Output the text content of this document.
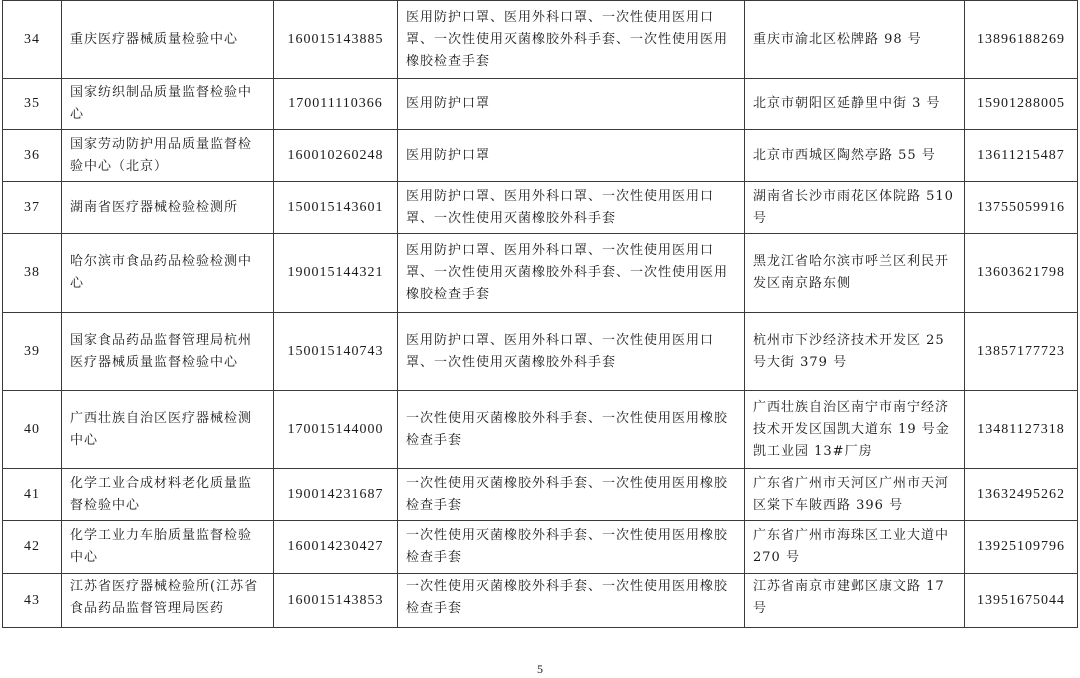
34	重庆医疗器械质量检验中心	160015143885	医用防护口罩、医用外科口罩、一次性使用医用口罩、一次性使用灭菌橡胶外科手套、一次性使用医用橡胶检查手套	重庆市渝北区松牌路 98 号	13896188269
35	国家纺织制品质量监督检验中心	170011110366	医用防护口罩	北京市朝阳区延静里中街 3 号	15901288005
36	国家劳动防护用品质量监督检验中心（北京）	160010260248	医用防护口罩	北京市西城区陶然亭路 55 号	13611215487
37	湖南省医疗器械检验检测所	150015143601	医用防护口罩、医用外科口罩、一次性使用医用口罩、一次性使用灭菌橡胶外科手套	湖南省长沙市雨花区体院路 510 号	13755059916
38	哈尔滨市食品药品检验检测中心	190015144321	医用防护口罩、医用外科口罩、一次性使用医用口罩、一次性使用灭菌橡胶外科手套、一次性使用医用橡胶检查手套	黑龙江省哈尔滨市呼兰区利民开发区南京路东侧	13603621798
39	国家食品药品监督管理局杭州医疗器械质量监督检验中心	150015140743	医用防护口罩、医用外科口罩、一次性使用医用口罩、一次性使用灭菌橡胶外科手套	杭州市下沙经济技术开发区 25 号大街 379 号	13857177723
40	广西壮族自治区医疗器械检测中心	170015144000	一次性使用灭菌橡胶外科手套、一次性使用医用橡胶检查手套	广西壮族自治区南宁市南宁经济技术开发区国凯大道东 19 号金凯工业园 13#厂房	13481127318
41	化学工业合成材料老化质量监督检验中心	190014231687	一次性使用灭菌橡胶外科手套、一次性使用医用橡胶检查手套	广东省广州市天河区广州市天河区棠下车陂西路 396 号	13632495262
42	化学工业力车胎质量监督检验中心	160014230427	一次性使用灭菌橡胶外科手套、一次性使用医用橡胶检查手套	广东省广州市海珠区工业大道中 270 号	13925109796
43	江苏省医疗器械检验所(江苏省食品药品监督管理局医药	160015143853	一次性使用灭菌橡胶外科手套、一次性使用医用橡胶检查手套	江苏省南京市建邺区康文路 17 号	13951675044
5
